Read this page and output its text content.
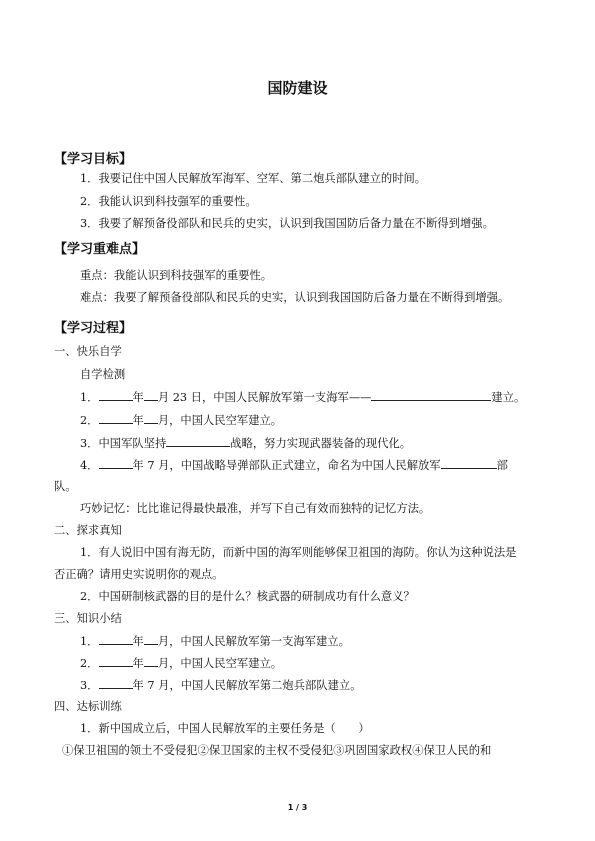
国防建设
【学习目标】
1．我要记住中国人民解放军海军、空军、第二炮兵部队建立的时间。
2．我能认识到科技强军的重要性。
3．我要了解预备役部队和民兵的史实，认识到我国国防后备力量在不断得到增强。
【学习重难点】
重点：我能认识到科技强军的重要性。
难点：我要了解预备役部队和民兵的史实，认识到我国国防后备力量在不断得到增强。
【学习过程】
一、快乐自学
自学检测
1．	年 月 23 日，中国人民解放军第一支海军——	建立。
2．	年 月，中国人民空军建立。
3．中国军队坚持	战略，努力实现武器装备的现代化。
4．	年 7 月，中国战略导弹部队正式建立，命名为中国人民解放军	部
队。
巧妙记忆：比比谁记得最快最准，并写下自己有效而独特的记忆方法。
二、探求真知
1．有人说旧中国有海无防，而新中国的海军则能够保卫祖国的海防。你认为这种说法是
否正确？请用史实说明你的观点。
2．中国研制核武器的目的是什么？核武器的研制成功有什么意义？
三、知识小结
1．	年 月，中国人民解放军第一支海军建立。
2．	年 月，中国人民空军建立。
3．	年 7 月，中国人民解放军第二炮兵部队建立。
四、达标训练
1．新中国成立后，中国人民解放军的主要任务是（　　）
①保卫祖国的领土不受侵犯②保卫国家的主权不受侵犯③巩固国家政权④保卫人民的和
1 / 3
